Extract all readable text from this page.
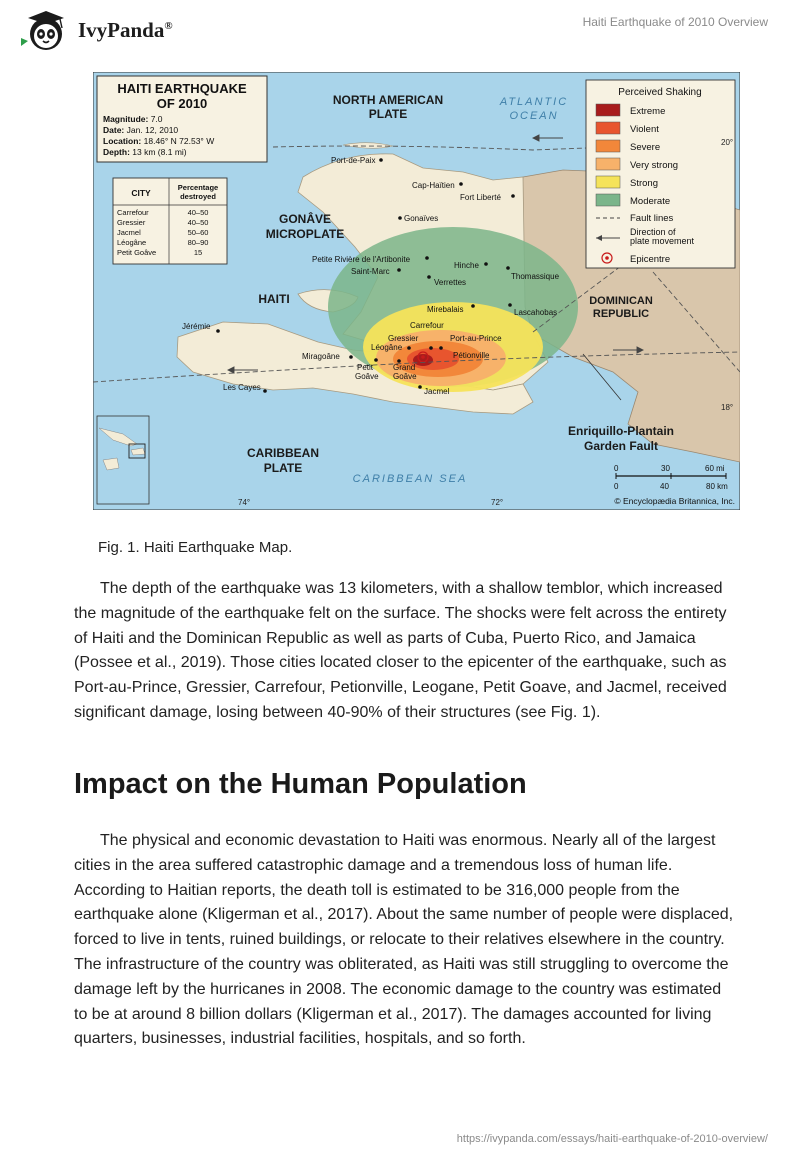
IvyPanda®	Haiti Earthquake of 2010 Overview
HAITI EARTHQUAKE
OF 2010
Magnitude: 7.0
Date: Jan. 12, 2010
Location: 18.46° N 72.53° W
Depth: 13 km (8.1 mi)
CITY
Percentage
destroyed
Carrefour	40–50
Gressier	40–50
Jacmel	50–60
Léogâne	80–90
Petit Goâve	15
Perceived Shaking
Extreme
Violent
Severe
Very strong
Strong
Moderate
Fault lines
Direction of
plate movement
Epicentre
NORTH AMERICAN
PLATE
GONÂVE
MICROPLATE
HAITI	DOMINICAN
REPUBLIC
CARIBBEAN
PLATE
Enriquillo-Plantain
Garden Fault
ATLANTIC
OCEAN
CARIBBEAN SEA
Port-de-Paix
Cap-Haïtien
Fort Liberté
Gonaïves
Petite Rivière de l'Artibonite
Saint-Marc
Hinche
Thomassique
Verrettes
Mirebalais	Lascahobas
Jérémie	Carrefour
Gressier
Léogâne
Port-au-Prince
Pétionville
Miragoâne
Petit
Goâve
Grand
Goâve
Les Cayes	Jacmel
20°
18°
74°	72°
0	30	60 mi
0	40	80 km
© Encyclopædia Britannica, Inc.
Fig. 1. Haiti Earthquake Map.

The depth of the earthquake was 13 kilometers, with a shallow temblor, which increased the magnitude of the earthquake felt on the surface. The shocks were felt across the entirety of Haiti and the Dominican Republic as well as parts of Cuba, Puerto Rico, and Jamaica (Possee et al., 2019). Those cities located closer to the epicenter of the earthquake, such as Port-au-Prince, Gressier, Carrefour, Petionville, Leogane, Petit Goave, and Jacmel, received significant damage, losing between 40-90% of their structures (see Fig. 1).

Impact on the Human Population

The physical and economic devastation to Haiti was enormous. Nearly all of the largest cities in the area suffered catastrophic damage and a tremendous loss of human life. According to Haitian reports, the death toll is estimated to be 316,000 people from the earthquake alone (Kligerman et al., 2017). About the same number of people were displaced, forced to live in tents, ruined buildings, or relocate to their relatives elsewhere in the country. The infrastructure of the country was obliterated, as Haiti was still struggling to overcome the damage left by the hurricanes in 2008. The economic damage to the country was estimated to be at around 8 billion dollars (Kligerman et al., 2017). The damages accounted for living quarters, businesses, industrial facilities, hospitals, and so forth.

https://ivypanda.com/essays/haiti-earthquake-of-2010-overview/
